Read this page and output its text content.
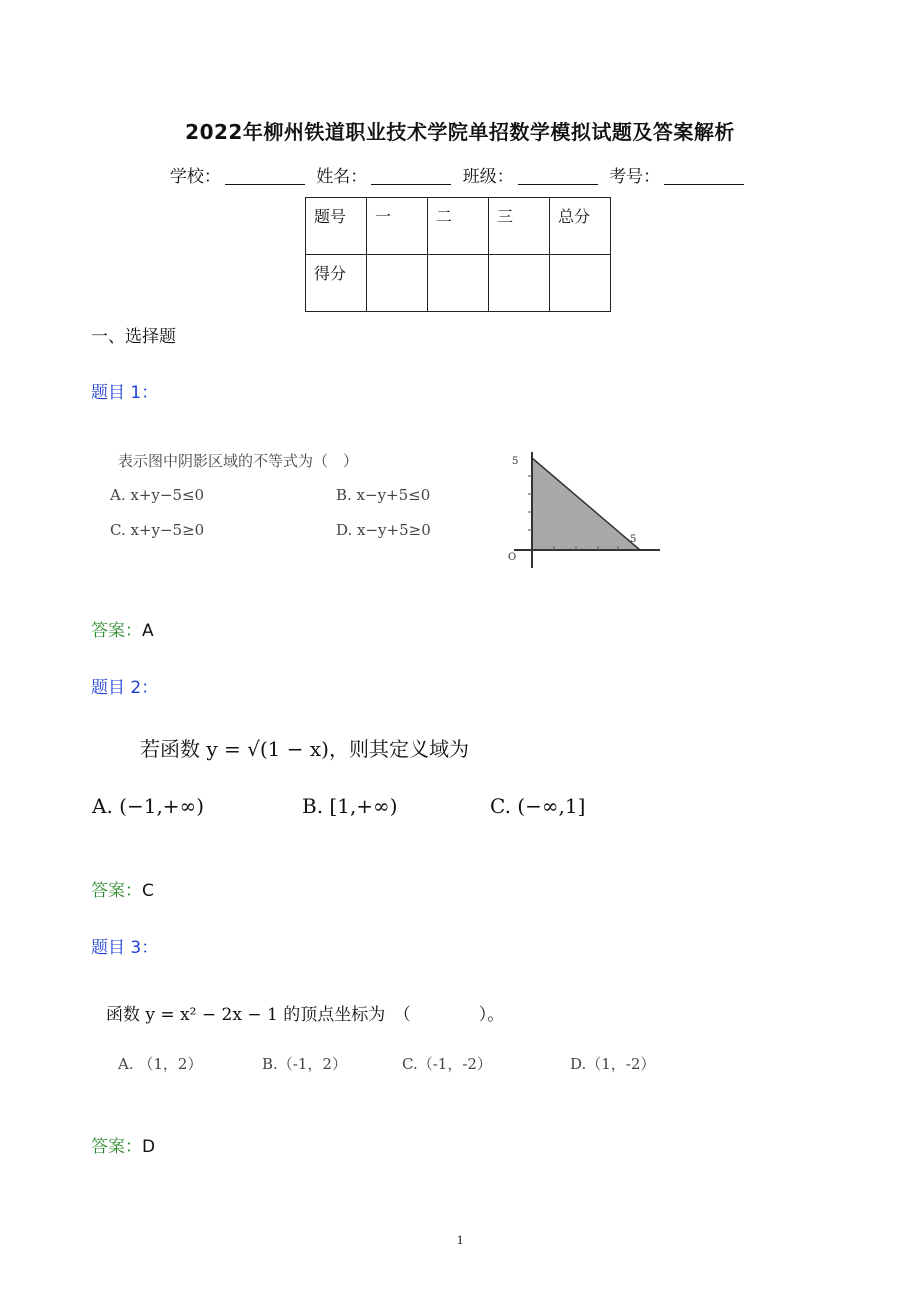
2022年柳州铁道职业技术学院单招数学模拟试题及答案解析
学校：	姓名：	班级：	考号：
题号	一	二	三	总分
得分				
一、选择题
题目 1：
表示图中阴影区域的不等式为（　）
A. x+y−5≤0	B. x−y+5≤0
C. x+y−5≥0	D. x−y+5≥0
5
5
O
答案：A
题目 2：
若函数 y = √(1 − x)，则其定义域为
A. (−1,+∞)	B. [1,+∞)	C. (−∞,1]
答案：C
题目 3：
函数 y = x² − 2x − 1 的顶点坐标为　（　　　　）。
A. （1，2）	B.（-1，2）	C.（-1，-2）	D.（1，-2）
答案：D
1
